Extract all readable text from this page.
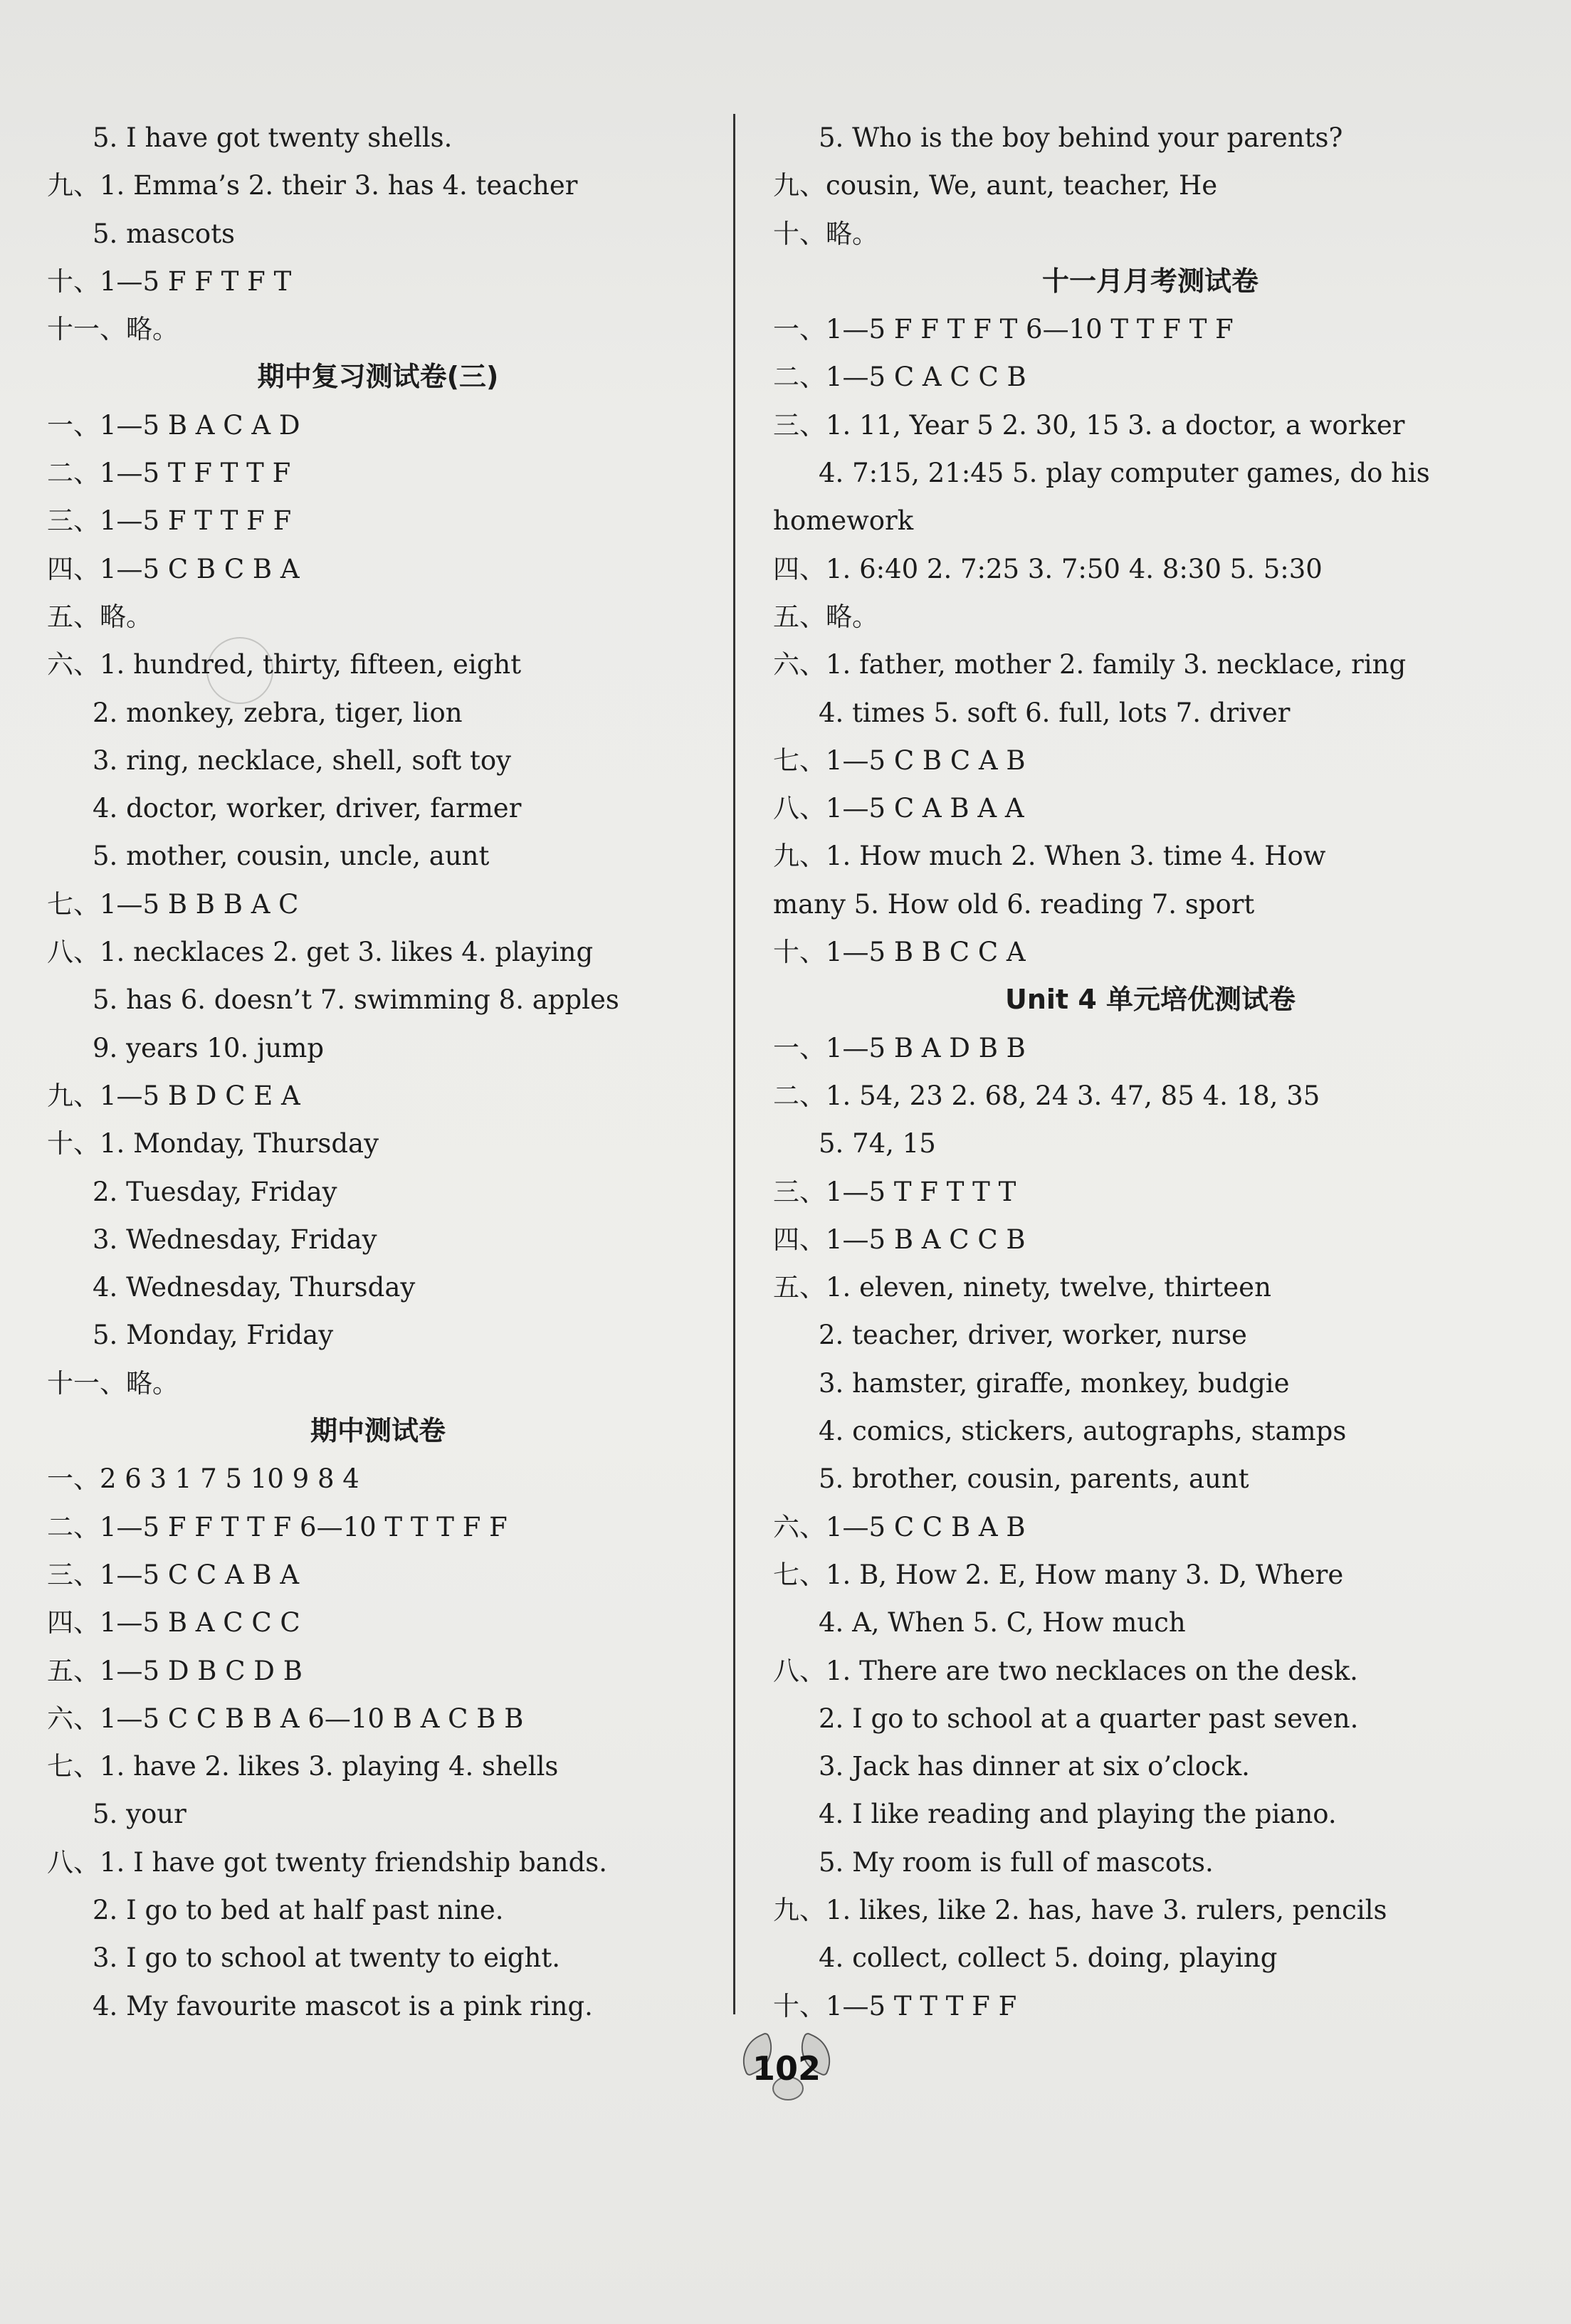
5. I have got twenty shells.
九、1. Emma’s 2. their 3. has 4. teacher
5. mascots
十、1—5 F F T F T
十一、略。
期中复习测试卷(三)
一、1—5 B A C A D
二、1—5 T F T T F
三、1—5 F T T F F
四、1—5 C B C B A
五、略。
六、1. hundred, thirty, fifteen, eight
2. monkey, zebra, tiger, lion
3. ring, necklace, shell, soft toy
4. doctor, worker, driver, farmer
5. mother, cousin, uncle, aunt
七、1—5 B B B A C
八、1. necklaces 2. get 3. likes 4. playing
5. has 6. doesn’t 7. swimming 8. apples
9. years 10. jump
九、1—5 B D C E A
十、1. Monday, Thursday
2. Tuesday, Friday
3. Wednesday, Friday
4. Wednesday, Thursday
5. Monday, Friday
十一、略。
期中测试卷
一、2 6 3 1 7 5 10 9 8 4
二、1—5 F F T T F 6—10 T T T F F
三、1—5 C C A B A
四、1—5 B A C C C
五、1—5 D B C D B
六、1—5 C C B B A 6—10 B A C B B
七、1. have 2. likes 3. playing 4. shells
5. your
八、1. I have got twenty friendship bands.
2. I go to bed at half past nine.
3. I go to school at twenty to eight.
4. My favourite mascot is a pink ring.
5. Who is the boy behind your parents?
九、cousin, We, aunt, teacher, He
十、略。
十一月月考测试卷
一、1—5 F F T F T 6—10 T T F T F
二、1—5 C A C C B
三、1. 11, Year 5 2. 30, 15 3. a doctor, a worker
4. 7:15, 21:45 5. play computer games, do his
homework
四、1. 6:40 2. 7:25 3. 7:50 4. 8:30 5. 5:30
五、略。
六、1. father, mother 2. family 3. necklace, ring
4. times 5. soft 6. full, lots 7. driver
七、1—5 C B C A B
八、1—5 C A B A A
九、1. How much 2. When 3. time 4. How
many 5. How old 6. reading 7. sport
十、1—5 B B C C A
Unit 4 单元培优测试卷
一、1—5 B A D B B
二、1. 54, 23 2. 68, 24 3. 47, 85 4. 18, 35
5. 74, 15
三、1—5 T F T T T
四、1—5 B A C C B
五、1. eleven, ninety, twelve, thirteen
2. teacher, driver, worker, nurse
3. hamster, giraffe, monkey, budgie
4. comics, stickers, autographs, stamps
5. brother, cousin, parents, aunt
六、1—5 C C B A B
七、1. B, How 2. E, How many 3. D, Where
4. A, When 5. C, How much
八、1. There are two necklaces on the desk.
2. I go to school at a quarter past seven.
3. Jack has dinner at six o’clock.
4. I like reading and playing the piano.
5. My room is full of mascots.
九、1. likes, like 2. has, have 3. rulers, pencils
4. collect, collect 5. doing, playing
十、1—5 T T T F F
102
